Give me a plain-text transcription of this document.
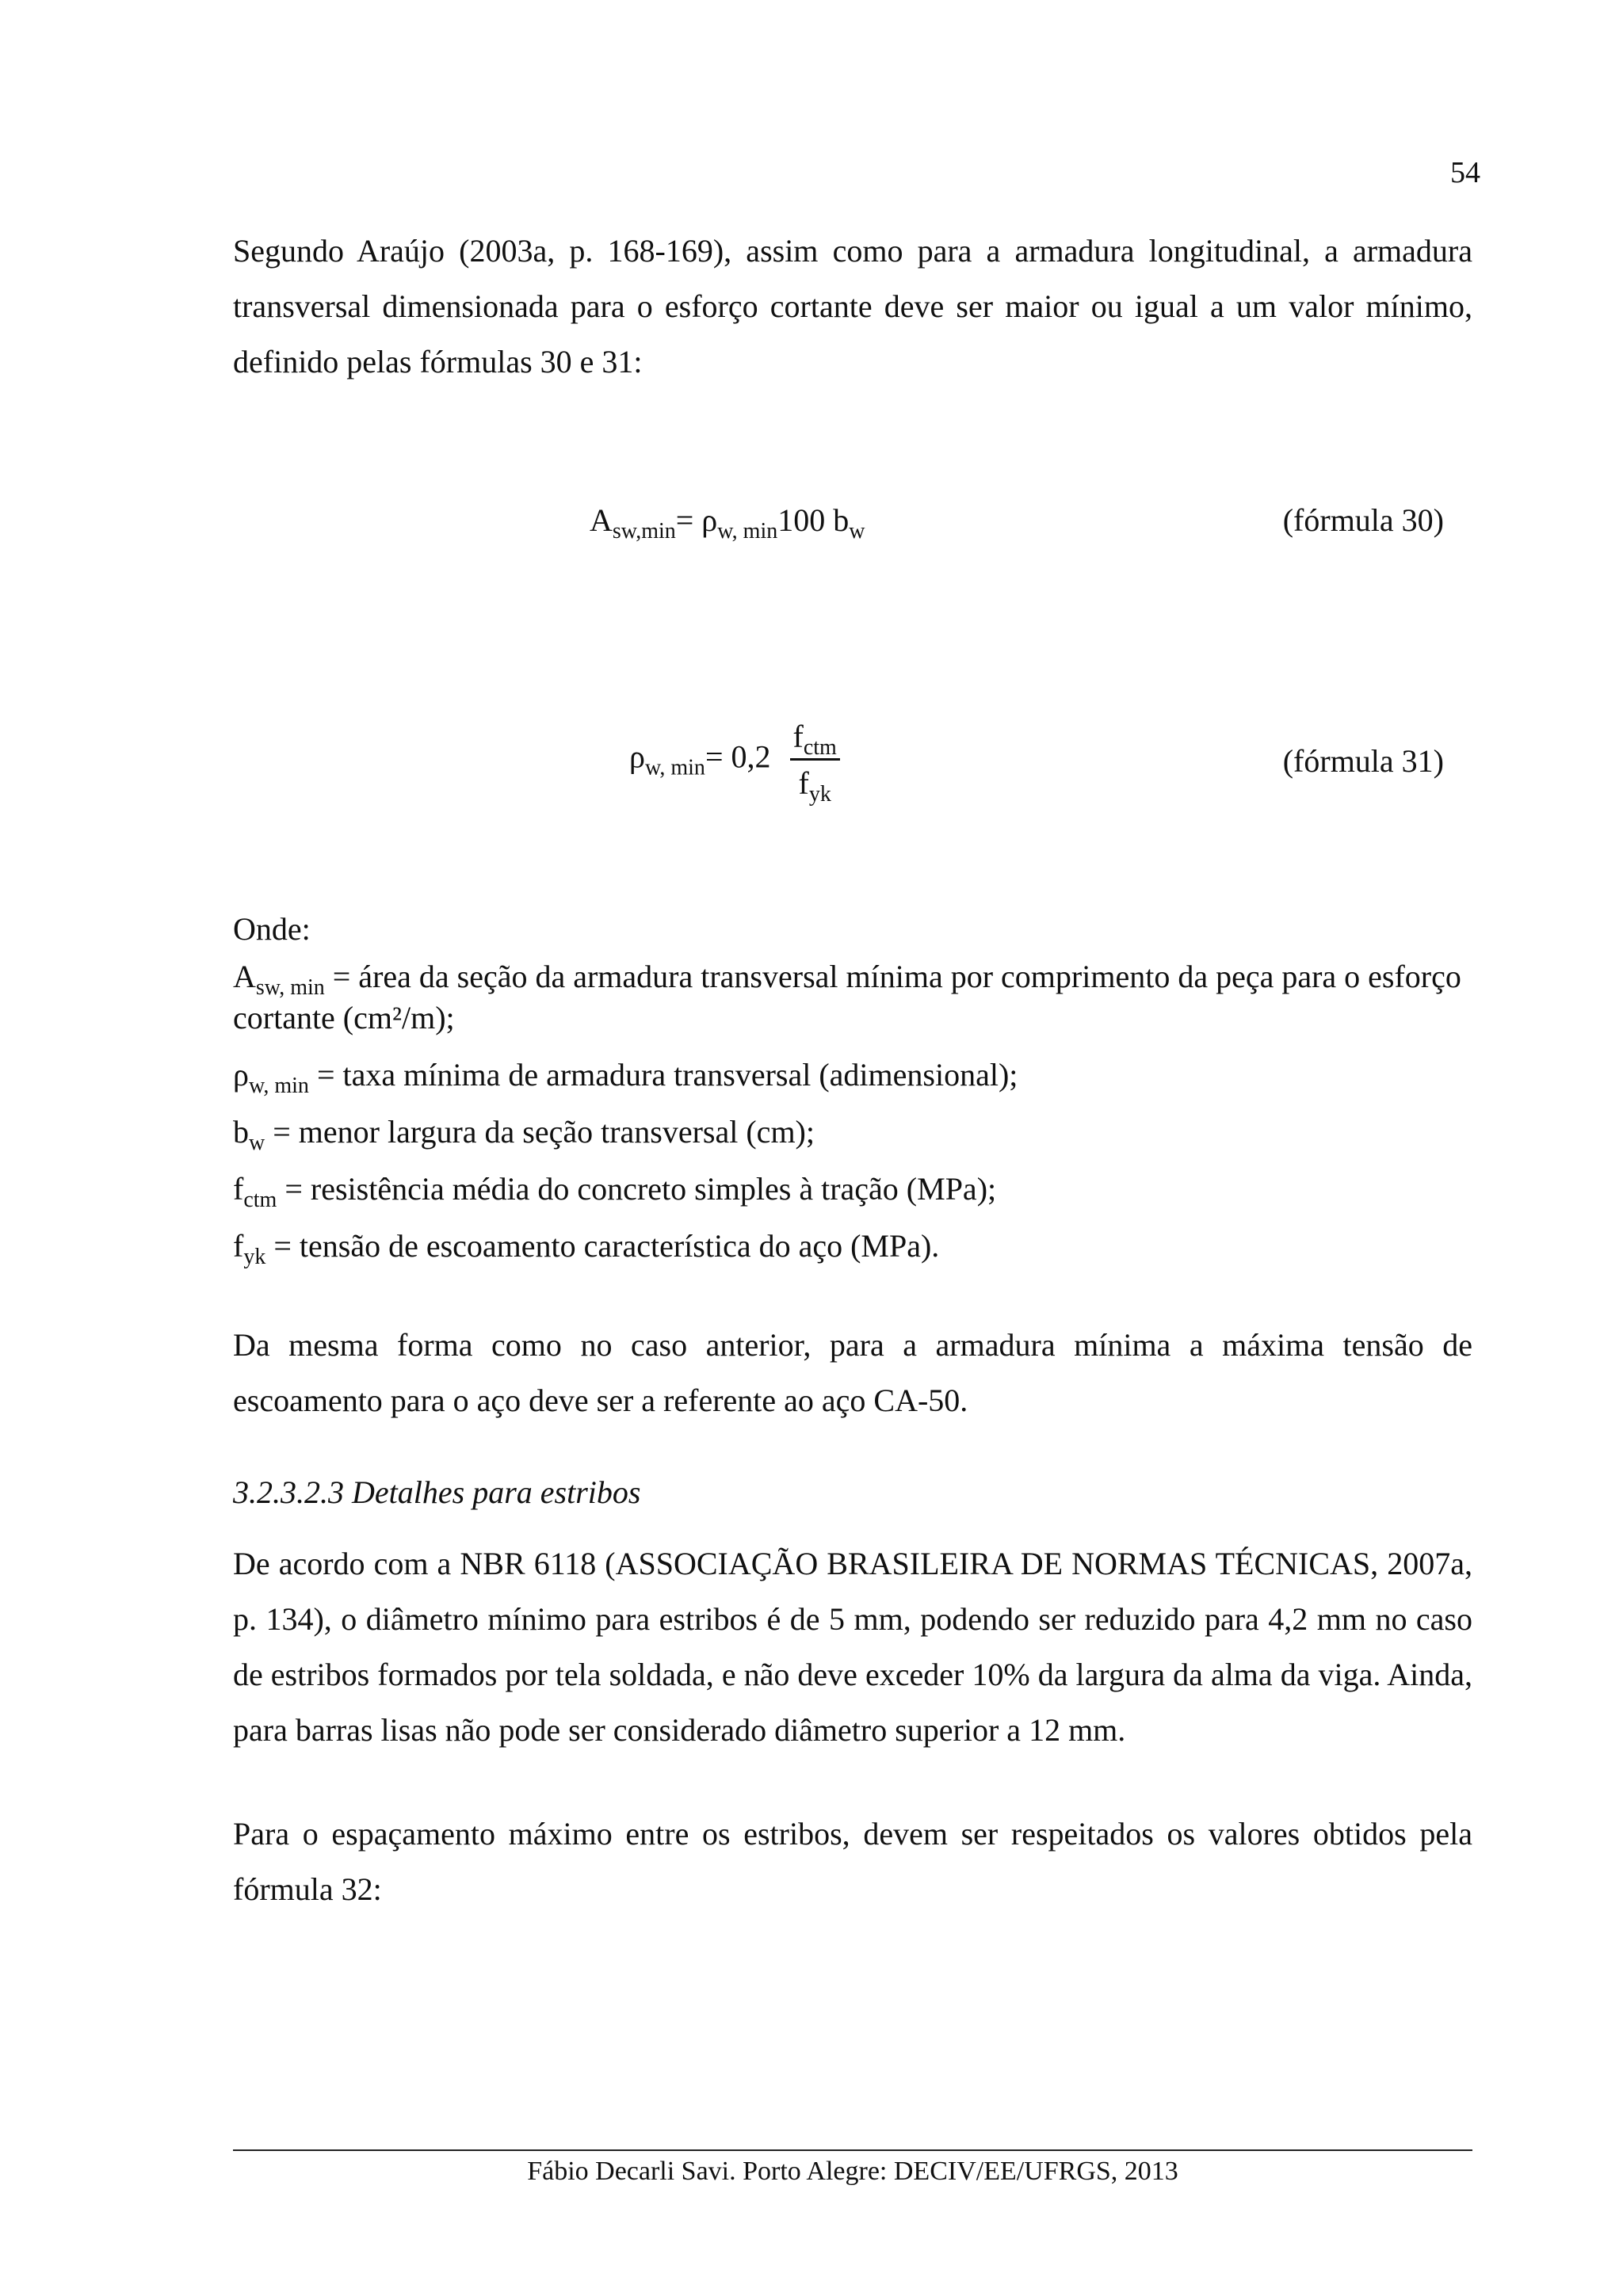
54

Segundo Araújo (2003a, p. 168-169), assim como para a armadura longitudinal, a armadura transversal dimensionada para o esforço cortante deve ser maior ou igual a um valor mínimo, definido pelas fórmulas 30 e 31:

$A_{sw,min}= \rho_{w, min}100$ $b_w$	(fórmula 30)
$\rho_{w, min}= 0,2 \frac{f_{ctm}}{f_{yk}}$	(fórmula 31)
Onde:

$A_{sw, min}$ = área da seção da armadura transversal mínima por comprimento da peça para o esforço cortante (cm²/m);

$\rho_{w, min}$ = taxa mínima de armadura transversal (adimensional);

$b_w$ = menor largura da seção transversal (cm);

$f_{ctm}$ = resistência média do concreto simples à tração (MPa);

$f_{yk}$ = tensão de escoamento característica do aço (MPa).

Da mesma forma como no caso anterior, para a armadura mínima a máxima tensão de escoamento para o aço deve ser a referente ao aço CA-50.

3.2.3.2.3 Detalhes para estribos

De acordo com a NBR 6118 (ASSOCIAÇÃO BRASILEIRA DE NORMAS TÉCNICAS, 2007a, p. 134), o diâmetro mínimo para estribos é de 5 mm, podendo ser reduzido para 4,2 mm no caso de estribos formados por tela soldada, e não deve exceder 10% da largura da alma da viga. Ainda, para barras lisas não pode ser considerado diâmetro superior a 12 mm.

Para o espaçamento máximo entre os estribos, devem ser respeitados os valores obtidos pela fórmula 32:

Fábio Decarli Savi. Porto Alegre: DECIV/EE/UFRGS, 2013
